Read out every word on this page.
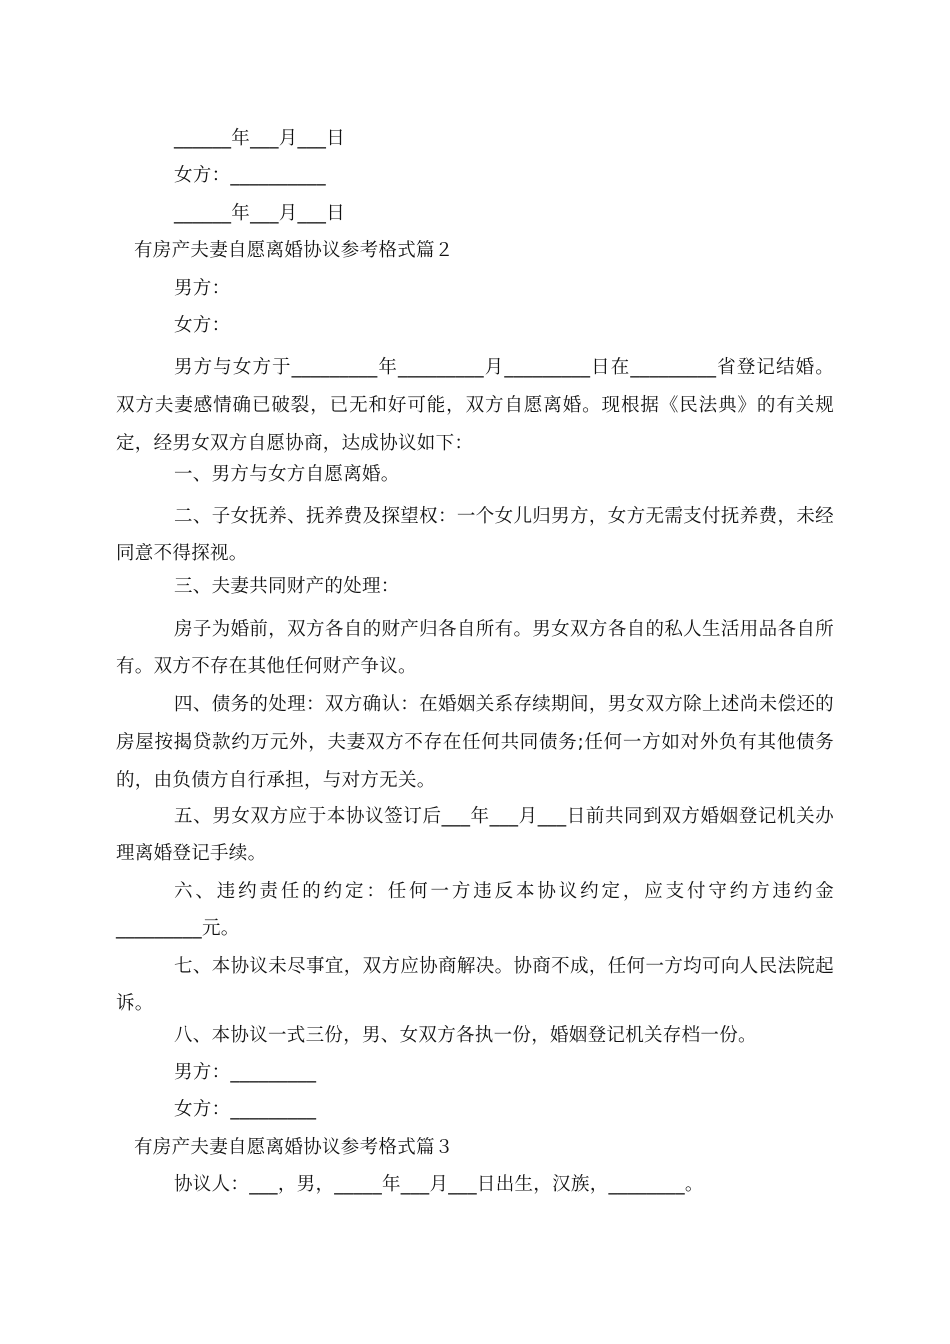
______年___月___日
女方：__________
______年___月___日
有房产夫妻自愿离婚协议参考格式篇２
男方：
女方：
男方与女方于_________年_________月_________日在_________省登记结婚。双方夫妻感情确已破裂，已无和好可能，双方自愿离婚。现根据《民法典》的有关规定，经男女双方自愿协商，达成协议如下：
一、男方与女方自愿离婚。
二、子女抚养、抚养费及探望权：一个女儿归男方，女方无需支付抚养费，未经同意不得探视。
三、夫妻共同财产的处理：
房子为婚前，双方各自的财产归各自所有。男女双方各自的私人生活用品各自所有。双方不存在其他任何财产争议。
四、债务的处理：双方确认：在婚姻关系存续期间，男女双方除上述尚未偿还的房屋按揭贷款约万元外，夫妻双方不存在任何共同债务;任何一方如对外负有其他债务的，由负债方自行承担，与对方无关。
五、男女双方应于本协议签订后___年___月___日前共同到双方婚姻登记机关办理离婚登记手续。
六、违约责任的约定：任何一方违反本协议约定，应支付守约方违约金_________元。
七、本协议未尽事宜，双方应协商解决。协商不成，任何一方均可向人民法院起诉。
八、本协议一式三份，男、女双方各执一份，婚姻登记机关存档一份。
男方：_________
女方：_________
有房产夫妻自愿离婚协议参考格式篇３
协议人：___，男，_____年___月___日出生，汉族，________。
